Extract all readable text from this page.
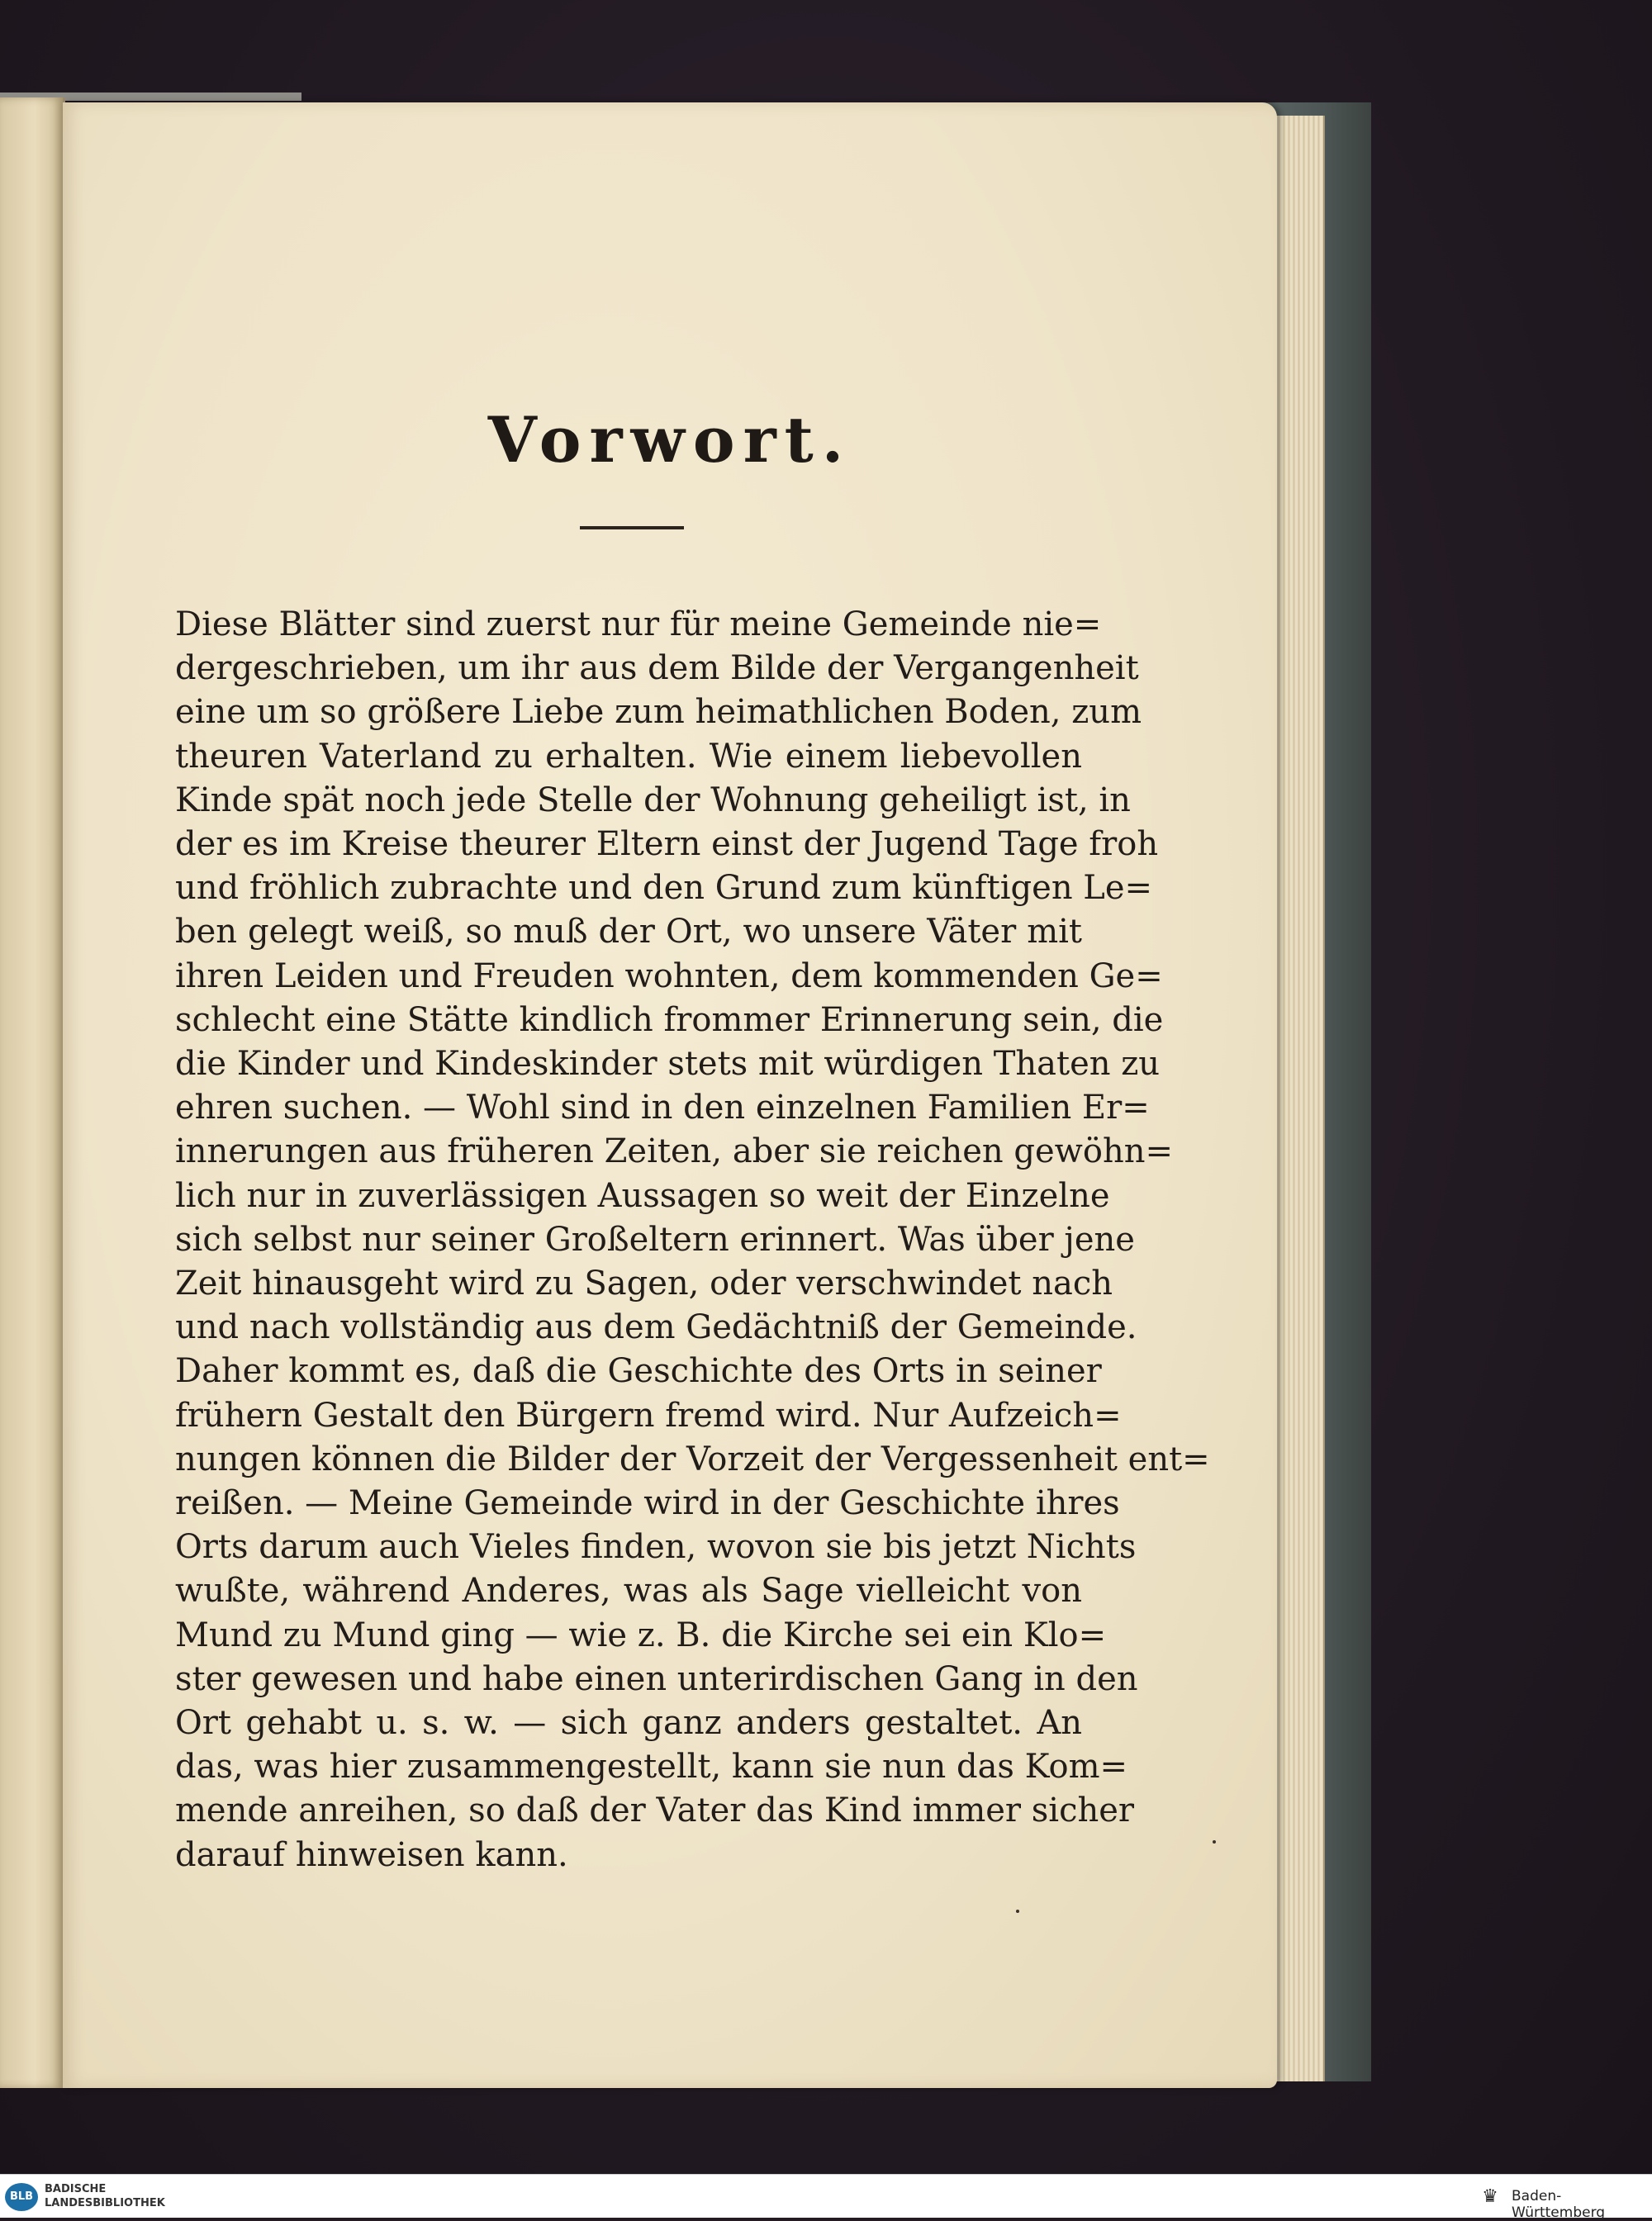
Vorwort.
Diese Blätter sind zuerst nur für meine Gemeinde nie=
dergeschrieben, um ihr aus dem Bilde der Vergangenheit
eine um so größere Liebe zum heimathlichen Boden, zum
theuren Vaterland zu erhalten. Wie einem liebevollen
Kinde spät noch jede Stelle der Wohnung geheiligt ist, in
der es im Kreise theurer Eltern einst der Jugend Tage froh
und fröhlich zubrachte und den Grund zum künftigen Le=
ben gelegt weiß, so muß der Ort, wo unsere Väter mit
ihren Leiden und Freuden wohnten, dem kommenden Ge=
schlecht eine Stätte kindlich frommer Erinnerung sein, die
die Kinder und Kindeskinder stets mit würdigen Thaten zu
ehren suchen. — Wohl sind in den einzelnen Familien Er=
innerungen aus früheren Zeiten, aber sie reichen gewöhn=
lich nur in zuverlässigen Aussagen so weit der Einzelne
sich selbst nur seiner Großeltern erinnert. Was über jene
Zeit hinausgeht wird zu Sagen, oder verschwindet nach
und nach vollständig aus dem Gedächtniß der Gemeinde.
Daher kommt es, daß die Geschichte des Orts in seiner
frühern Gestalt den Bürgern fremd wird. Nur Aufzeich=
nungen können die Bilder der Vorzeit der Vergessenheit ent=
reißen. — Meine Gemeinde wird in der Geschichte ihres
Orts darum auch Vieles finden, wovon sie bis jetzt Nichts
wußte, während Anderes, was als Sage vielleicht von
Mund zu Mund ging — wie z. B. die Kirche sei ein Klo=
ster gewesen und habe einen unterirdischen Gang in den
Ort gehabt u. s. w. — sich ganz anders gestaltet. An
das, was hier zusammengestellt, kann sie nun das Kom=
mende anreihen, so daß der Vater das Kind immer sicher
darauf hinweisen kann.
BLB
BADISCHE
LANDESBIBLIOTHEK	♛ Baden-Württemberg
